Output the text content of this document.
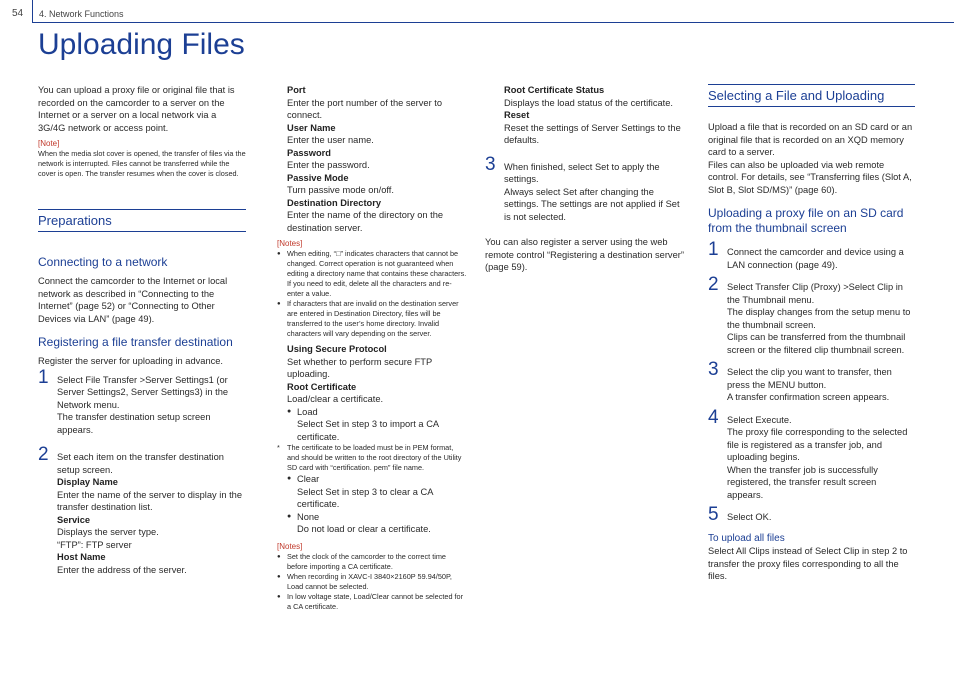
54 4. Network Functions
Uploading Files

You can upload a proxy file or original file that is recorded on the camcorder to a server on the Internet or a server on a local network via a 3G/4G network or access point.

[Note]
When the media slot cover is opened, the transfer of files via the network is interrupted. Files cannot be transferred while the cover is open. The transfer resumes when the cover is closed.
Preparations
Connecting to a network

Connect the camcorder to the Internet or local network as described in “Connecting to the Internet” (page 52) or “Connecting to Other Devices via LAN” (page 49).

Registering a file transfer destination

Register the server for uploading in advance.

1 Select File Transfer >Server Settings1 (or Server Settings2, Server Settings3) in the Network menu.

The transfer destination setup screen appears.

2 Set each item on the transfer destination setup screen.

Display Name

Enter the name of the server to display in the transfer destination list.

Service

Displays the server type.

“FTP”: FTP server

Host Name

Enter the address of the server.

Port

Enter the port number of the server to connect.

User Name

Enter the user name.

Password

Enter the password.

Passive Mode

Turn passive mode on/off.

Destination Directory

Enter the name of the directory on the destination server.

[Notes]
● When editing, “□” indicates characters that cannot be changed. Correct operation is not guaranteed when editing a directory name that contains these characters.
If you need to edit, delete all the characters and re-enter a value.
● If characters that are invalid on the destination server are entered in Destination Directory, files will be transferred to the user’s home directory. Invalid characters will vary depending on the server.

Using Secure Protocol

Set whether to perform secure FTP uploading.

Root Certificate

Load/clear a certificate.

● Load

Select Set in step 3 to import a CA certificate.

* The certificate to be loaded must be in PEM format, and should be written to the root directory of the Utility SD card with “certification. pem” file name.

● Clear

Select Set in step 3 to clear a CA certificate.

● None

Do not load or clear a certificate.

[Notes]
● Set the clock of the camcorder to the correct time before importing a CA certificate.
● When recording in XAVC-I 3840×2160P 59.94/50P, Load cannot be selected.
● In low voltage state, Load/Clear cannot be selected for a CA certificate.

Root Certificate Status

Displays the load status of the certificate.

Reset

Reset the settings of Server Settings to the defaults.

3 When finished, select Set to apply the settings.

Always select Set after changing the settings. The settings are not applied if Set is not selected.

You can also register a server using the web remote control “Registering a destination server” (page 59).

Selecting a File and Uploading

Upload a file that is recorded on an SD card or an original file that is recorded on an XQD memory card to a server.

Files can also be uploaded via web remote control. For details, see “Transferring files (Slot A, Slot B, Slot SD/MS)” (page 60).

Uploading a proxy file on an SD card from the thumbnail screen
1 Connect the camcorder and device using a LAN connection (page 49).

2 Select Transfer Clip (Proxy) >Select Clip in the Thumbnail menu.

The display changes from the setup menu to the thumbnail screen.

Clips can be transferred from the thumbnail screen or the filtered clip thumbnail screen.

3 Select the clip you want to transfer, then press the MENU button.

A transfer confirmation screen appears.

4 Select Execute.

The proxy file corresponding to the selected file is registered as a transfer job, and uploading begins.

When the transfer job is successfully registered, the transfer result screen appears.

5 Select OK.

To upload all files

Select All Clips instead of Select Clip in step 2 to transfer the proxy files corresponding to all the files.
